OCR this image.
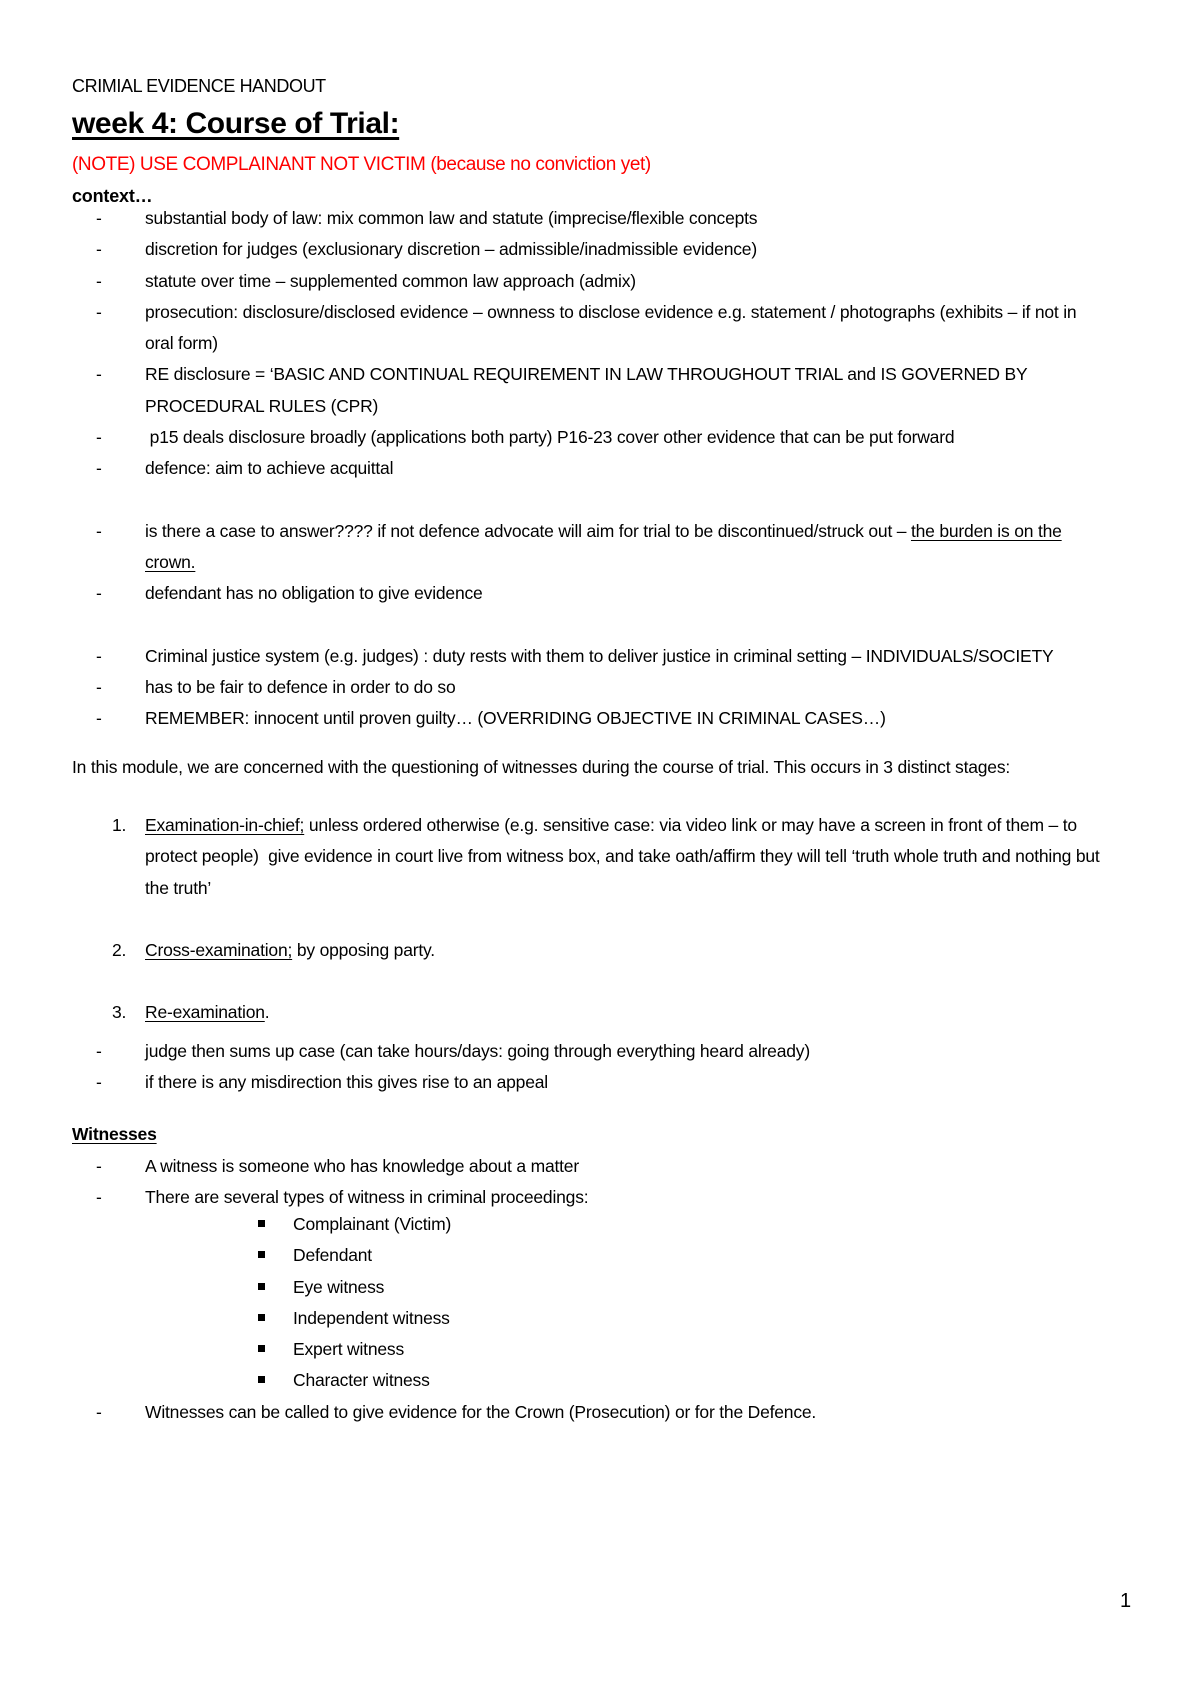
CRIMIAL EVIDENCE HANDOUT
week 4: Course of Trial:
(NOTE) USE COMPLAINANT NOT VICTIM (because no conviction yet)
context…
- substantial body of law: mix common law and statute (imprecise/flexible concepts
- discretion for judges (exclusionary discretion – admissible/inadmissible evidence)
- statute over time – supplemented common law approach (admix)
- prosecution: disclosure/disclosed evidence – ownness to disclose evidence e.g. statement / photographs (exhibits – if not in oral form)
- RE disclosure = ‘BASIC AND CONTINUAL REQUIREMENT IN LAW THROUGHOUT TRIAL and IS GOVERNED BY PROCEDURAL RULES (CPR)
- p15 deals disclosure broadly (applications both party) P16-23 cover other evidence that can be put forward
- defence: aim to achieve acquittal
- is there a case to answer???? if not defence advocate will aim for trial to be discontinued/struck out – the burden is on the crown.
- defendant has no obligation to give evidence
- Criminal justice system (e.g. judges) : duty rests with them to deliver justice in criminal setting – INDIVIDUALS/SOCIETY
- has to be fair to defence in order to do so
- REMEMBER: innocent until proven guilty… (OVERRIDING OBJECTIVE IN CRIMINAL CASES…)
In this module, we are concerned with the questioning of witnesses during the course of trial. This occurs in 3 distinct stages:
1. Examination-in-chief; unless ordered otherwise (e.g. sensitive case: via video link or may have a screen in front of them – to protect people)  give evidence in court live from witness box, and take oath/affirm they will tell ‘truth whole truth and nothing but the truth’
2. Cross-examination; by opposing party.
3. Re-examination.
- judge then sums up case (can take hours/days: going through everything heard already)
- if there is any misdirection this gives rise to an appeal
Witnesses
- A witness is someone who has knowledge about a matter
- There are several types of witness in criminal proceedings:
Complainant (Victim)
Defendant
Eye witness
Independent witness
Expert witness
Character witness
- Witnesses can be called to give evidence for the Crown (Prosecution) or for the Defence.
1
